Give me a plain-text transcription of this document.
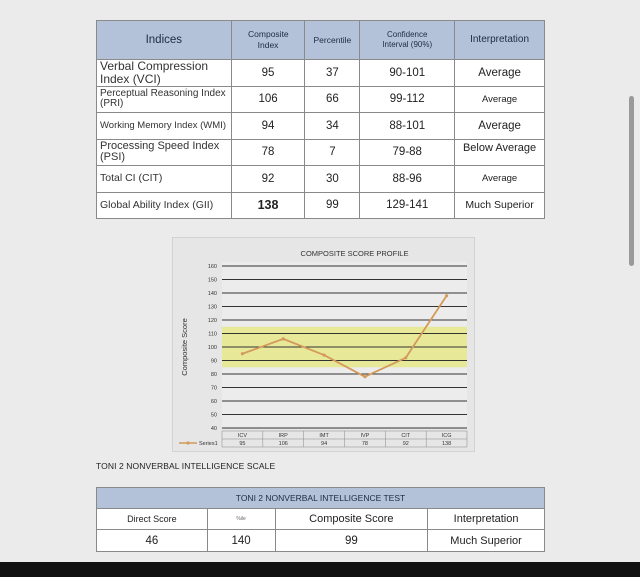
Indices	Composite Index	Percentile	Confidence Interval (90%)	Interpretation
Verbal Compression Index (VCI)	95	37	90-101	Average
Perceptual Reasoning Index (PRI)	106	66	99-112	Average
Working Memory Index (WMI)	94	34	88-101	Average
Processing Speed Index (PSI)	78	7	79-88	Below Average
Total CI (CIT)	92	30	88-96	Average
Global Ability Index (GII)	138	99	129-141	Much Superior
COMPOSITE SCORE PROFILE
Composite Score
40
50
60
70
80
90
100
110
120
130
140
150
160
ICV	IRP	IMT	IVP	CIT	ICG
95	106	94	78	92	138
Series1
TONI 2 NONVERBAL INTELLIGENCE SCALE
TONI 2 NONVERBAL INTELLIGENCE TEST			
Direct Score	%ile	Composite Score	Interpretation
46	140	99	Much Superior
